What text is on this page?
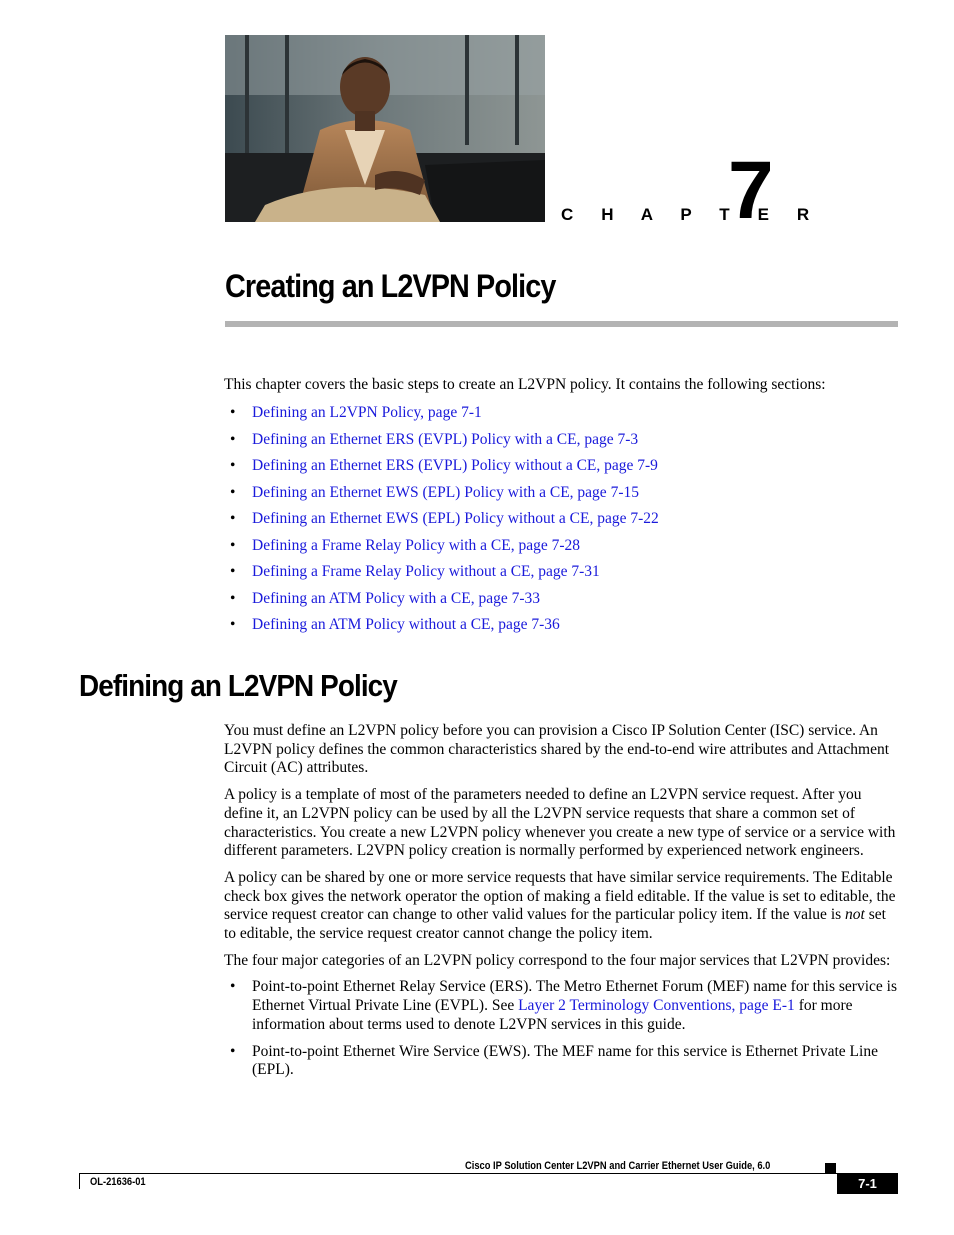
C H A P T E R
7
Creating an L2VPN Policy

This chapter covers the basic steps to create an L2VPN policy. It contains the following sections:

• Defining an L2VPN Policy, page 7-1
• Defining an Ethernet ERS (EVPL) Policy with a CE, page 7-3
• Defining an Ethernet ERS (EVPL) Policy without a CE, page 7-9
• Defining an Ethernet EWS (EPL) Policy with a CE, page 7-15
• Defining an Ethernet EWS (EPL) Policy without a CE, page 7-22
• Defining a Frame Relay Policy with a CE, page 7-28
• Defining a Frame Relay Policy without a CE, page 7-31
• Defining an ATM Policy with a CE, page 7-33
• Defining an ATM Policy without a CE, page 7-36
Defining an L2VPN Policy

You must define an L2VPN policy before you can provision a Cisco IP Solution Center (ISC) service. An L2VPN policy defines the common characteristics shared by the end-to-end wire attributes and Attachment Circuit (AC) attributes.

A policy is a template of most of the parameters needed to define an L2VPN service request. After you define it, an L2VPN policy can be used by all the L2VPN service requests that share a common set of characteristics. You create a new L2VPN policy whenever you create a new type of service or a service with different parameters. L2VPN policy creation is normally performed by experienced network engineers.

A policy can be shared by one or more service requests that have similar service requirements. The Editable check box gives the network operator the option of making a field editable. If the value is set to editable, the service request creator can change to other valid values for the particular policy item. If the value is not set to editable, the service request creator cannot change the policy item.

The four major categories of an L2VPN policy correspond to the four major services that L2VPN provides:

• Point-to-point Ethernet Relay Service (ERS). The Metro Ethernet Forum (MEF) name for this service is Ethernet Virtual Private Line (EVPL). See Layer 2 Terminology Conventions, page E-1 for more information about terms used to denote L2VPN services in this guide.
• Point-to-point Ethernet Wire Service (EWS). The MEF name for this service is Ethernet Private Line (EPL).
Cisco IP Solution Center L2VPN and Carrier Ethernet User Guide, 6.0
OL-21636-01	7-1
